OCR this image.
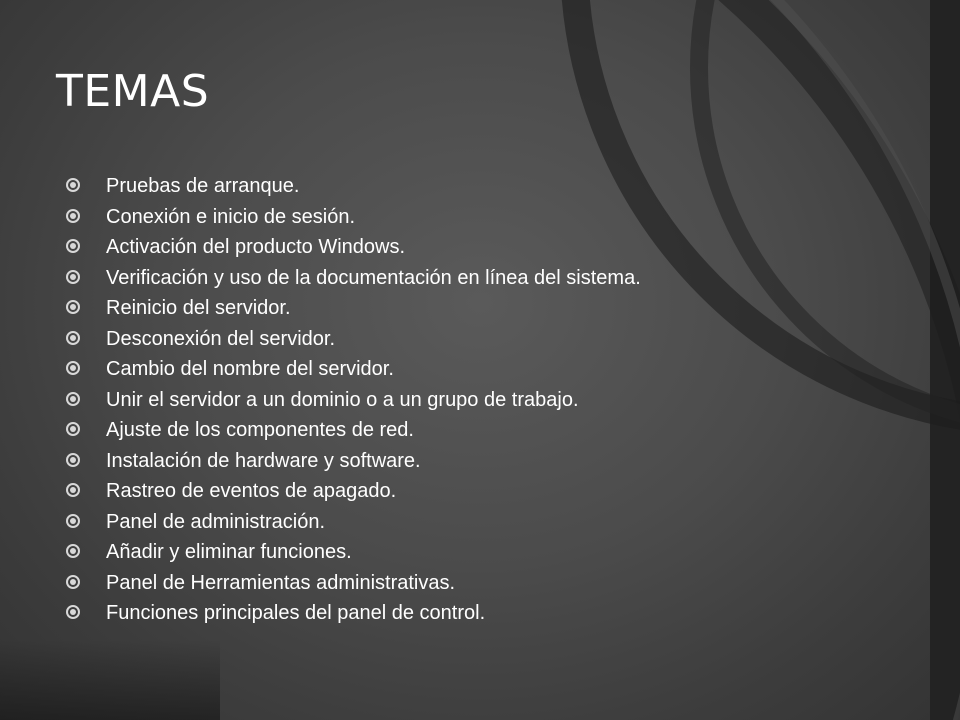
TEMAS
Pruebas de arranque.
Conexión e inicio de sesión.
Activación del producto Windows.
Verificación y uso de la documentación en línea del sistema.
Reinicio del servidor.
Desconexión del servidor.
Cambio del nombre del servidor.
Unir el servidor a un dominio o a un grupo de trabajo.
Ajuste de los componentes de red.
Instalación de hardware y software.
Rastreo de eventos de apagado.
Panel de administración.
Añadir y eliminar funciones.
Panel de Herramientas administrativas.
Funciones principales del panel de control.
